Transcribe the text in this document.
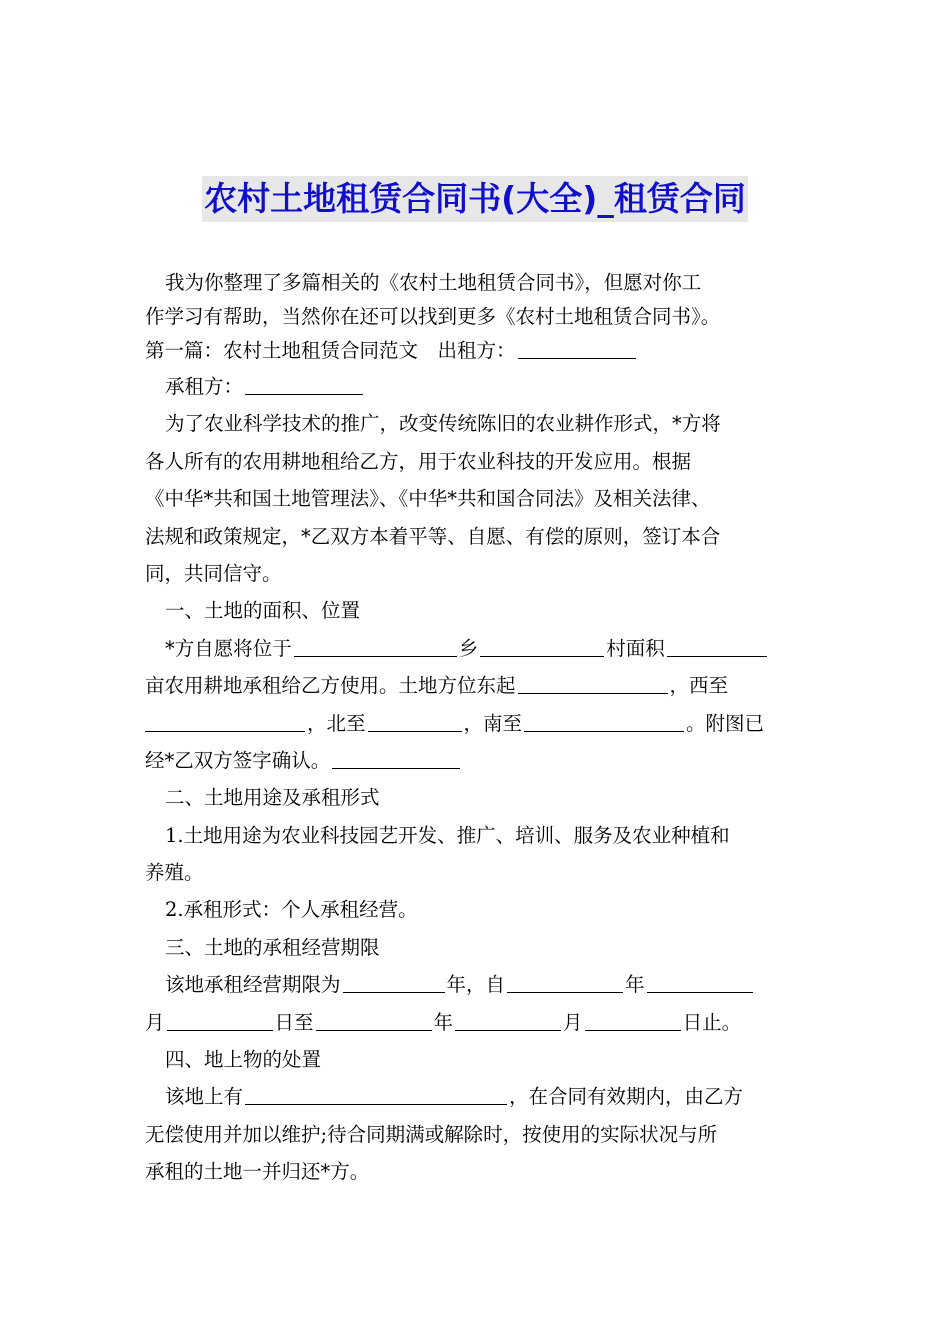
农村土地租赁合同书(大全)_租赁合同
我为你整理了多篇相关的《农村土地租赁合同书》，但愿对你工
作学习有帮助，当然你在还可以找到更多《农村土地租赁合同书》。
第一篇：农村土地租赁合同范文　出租方：
承租方：
为了农业科学技术的推广，改变传统陈旧的农业耕作形式，*方将
各人所有的农用耕地租给乙方，用于农业科技的开发应用。根据
《中华*共和国土地管理法》、《中华*共和国合同法》及相关法律、
法规和政策规定，*乙双方本着平等、自愿、有偿的原则，签订本合
同，共同信守。
一、土地的面积、位置
*方自愿将位于	乡	村面积
亩农用耕地承租给乙方使用。土地方位东起	，西至
，北至	，南至	。附图已
经*乙双方签字确认。
二、土地用途及承租形式
1.土地用途为农业科技园艺开发、推广、培训、服务及农业种植和
养殖。
2.承租形式：个人承租经营。
三、土地的承租经营期限
该地承租经营期限为	年，自	年
月	日至	年	月	日止。
四、地上物的处置
该地上有	，在合同有效期内，由乙方
无偿使用并加以维护;待合同期满或解除时，按使用的实际状况与所
承租的土地一并归还*方。
